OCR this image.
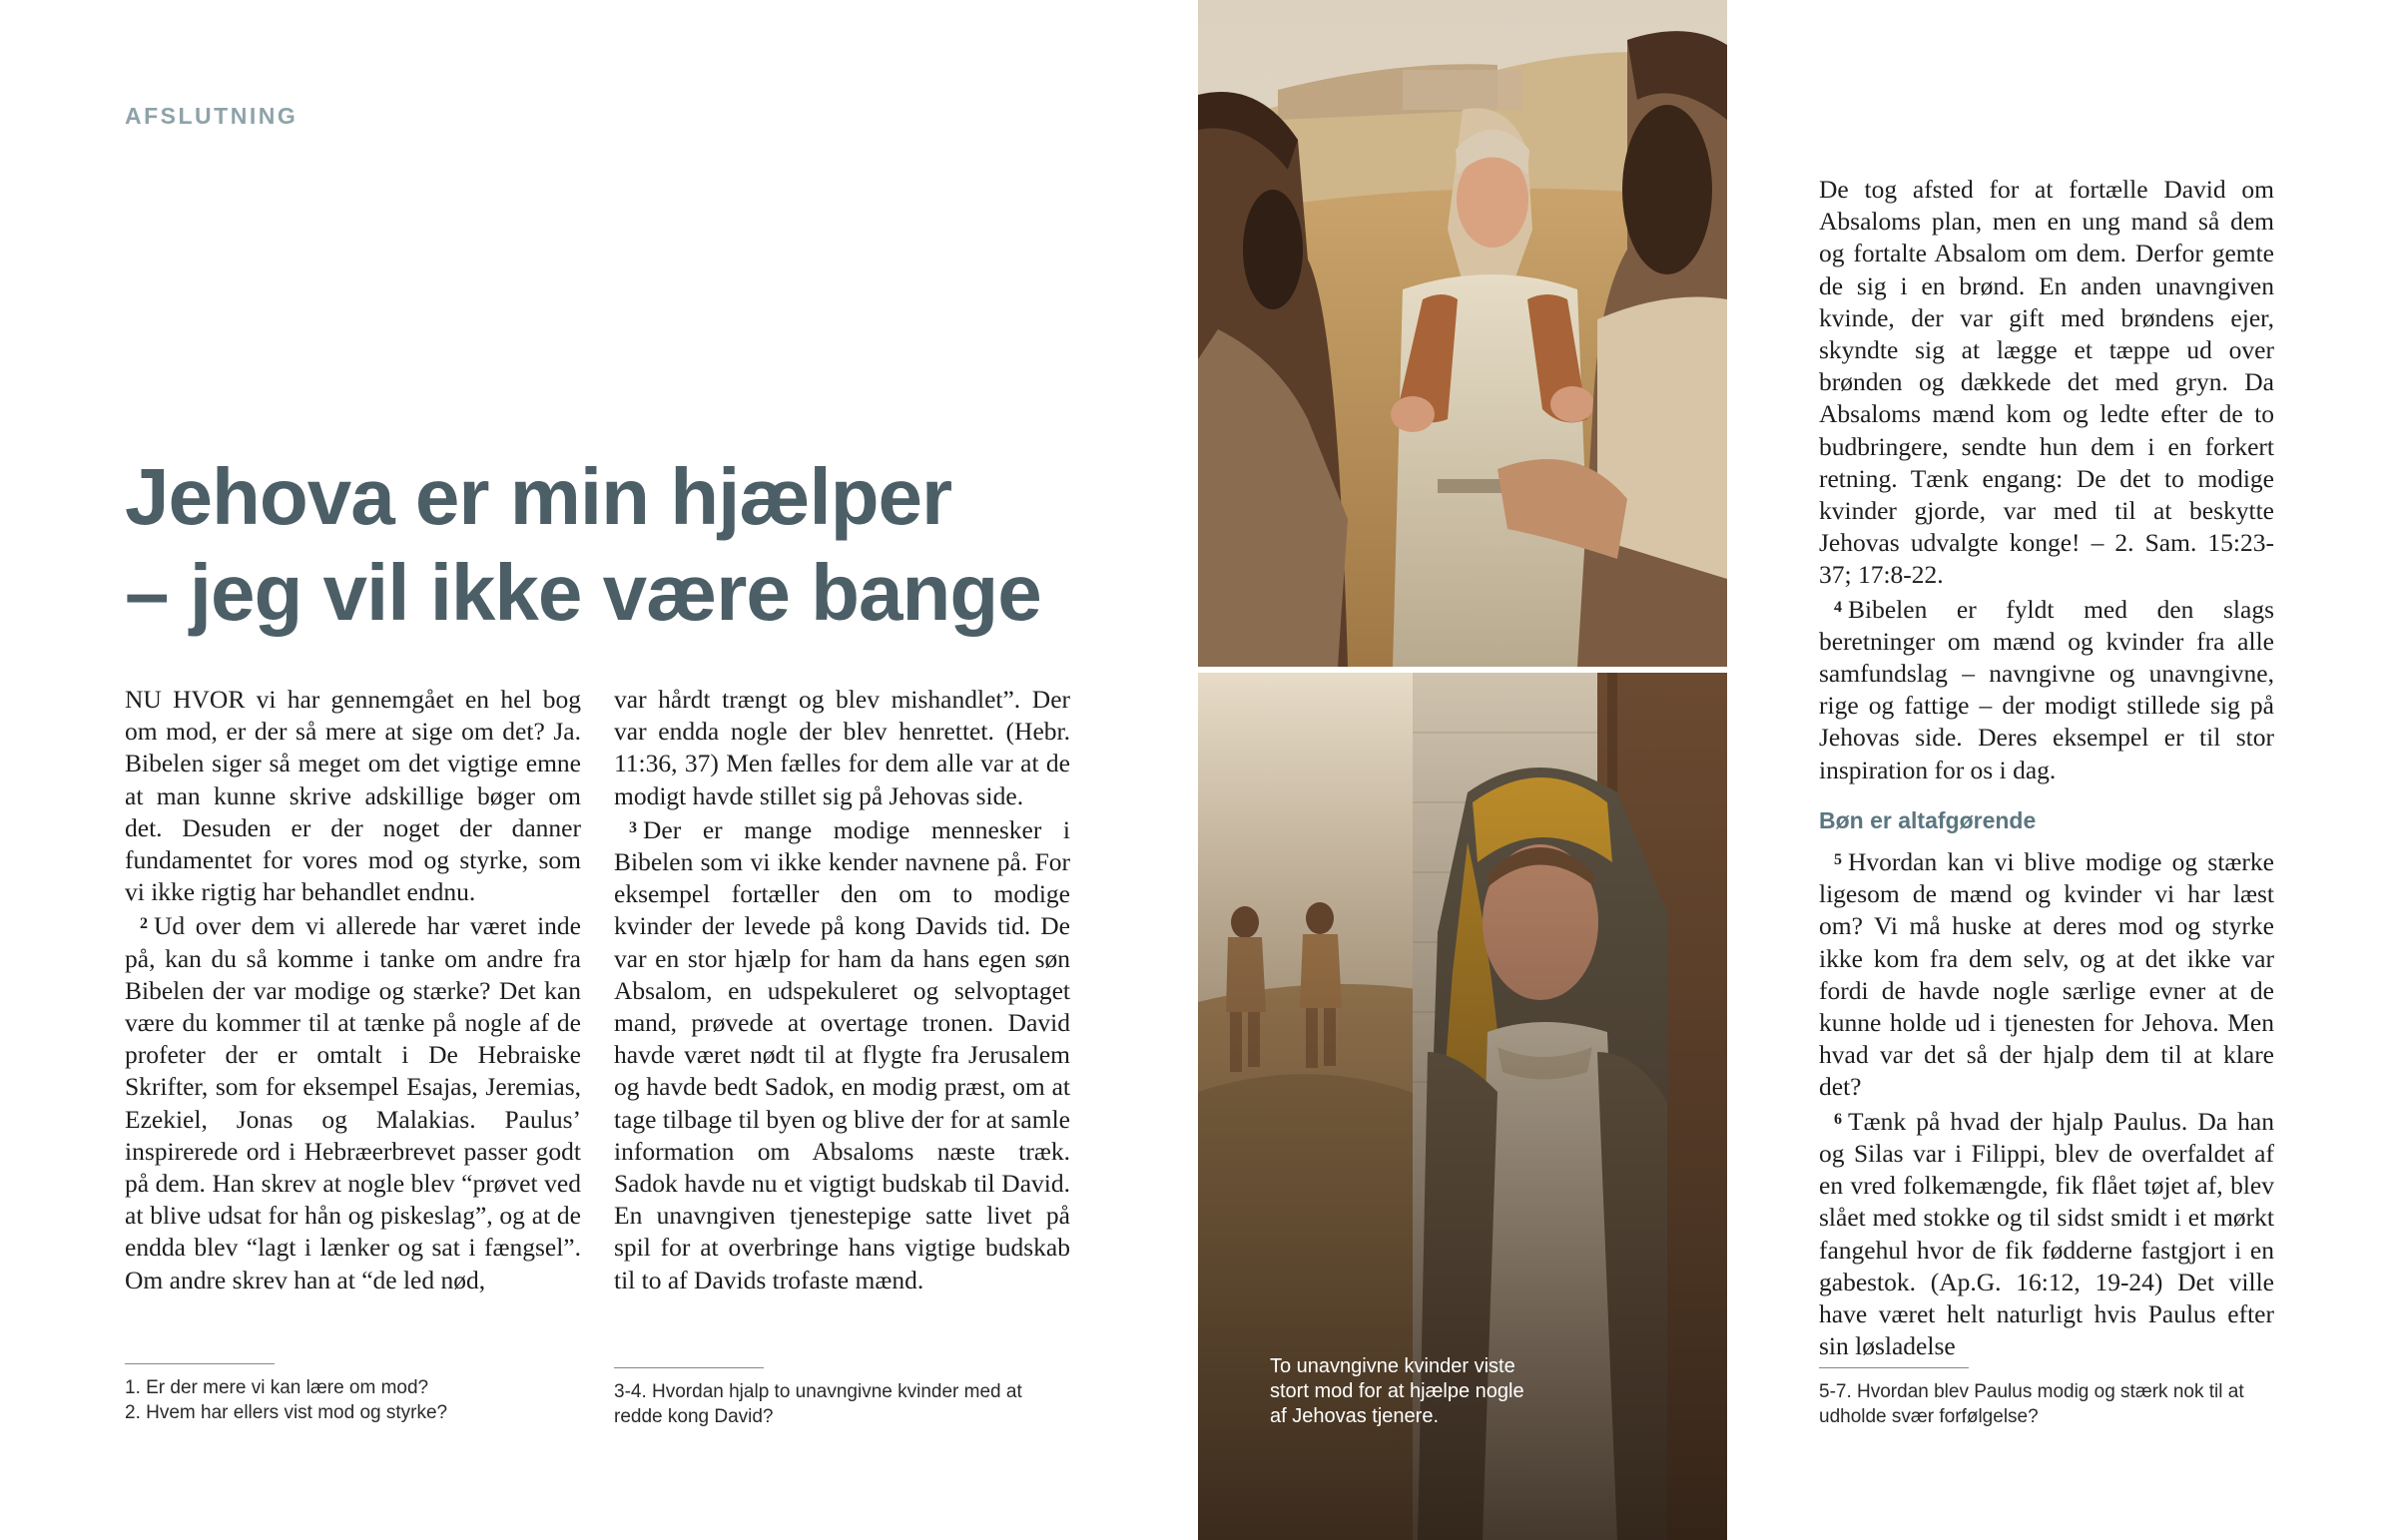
AFSLUTNING
Jehova er min hjælper
– jeg vil ikke være bange

NU HVOR vi har gennemgået en hel bog om mod, er der så mere at sige om det? Ja. Bibelen siger så meget om det vigtige emne at man kunne skrive adskillige bøger om det. Desuden er der noget der danner fundamentet for vores mod og styrke, som vi ikke rigtig har behandlet endnu.

$^2$ Ud over dem vi allerede har været inde på, kan du så komme i tanke om andre fra Bibelen der var modige og stærke? Det kan være du kommer til at tænke på nogle af de profeter der er omtalt i De Hebraiske Skrifter, som for eksempel Esajas, Jeremias, Ezekiel, Jonas og Malakias. Paulus’ inspirerede ord i Hebræerbrevet passer godt på dem. Han skrev at nogle blev “prøvet ved at blive udsat for hån og piskeslag”, og at de endda blev “lagt i lænker og sat i fængsel”. Om andre skrev han at “de led nød,

1. Er der mere vi kan lære om mod?
2. Hvem har ellers vist mod og styrke?

var hårdt trængt og blev mishandlet”. Der var endda nogle der blev henrettet. (Hebr. 11:36, 37) Men fælles for dem alle var at de modigt havde stillet sig på Jehovas side.

$^3$ Der er mange modige mennesker i Bibelen som vi ikke kender navnene på. For eksempel fortæller den om to modige kvinder der levede på kong Davids tid. De var en stor hjælp for ham da hans egen søn Absalom, en udspekuleret og selvoptaget mand, prøvede at overtage tronen. David havde været nødt til at flygte fra Jerusalem og havde bedt Sadok, en modig præst, om at tage tilbage til byen og blive der for at samle information om Absaloms næste træk. Sadok havde nu et vigtigt budskab til David. En unavngiven tjenestepige satte livet på spil for at overbringe hans vigtige budskab til to af Davids trofaste mænd.

3-4. Hvordan hjalp to unavngivne kvinder med at
redde kong David?
To unavngivne kvinder viste
stort mod for at hjælpe nogle
af Jehovas tjenere.

De tog afsted for at fortælle David om Absaloms plan, men en ung mand så dem og fortalte Absalom om dem. Derfor gemte de sig i en brønd. En anden unavngiven kvinde, der var gift med brøndens ejer, skyndte sig at lægge et tæppe ud over brønden og dækkede det med gryn. Da Absaloms mænd kom og ledte efter de to budbringere, sendte hun dem i en forkert retning. Tænk engang: De det to modige kvinder gjorde, var med til at beskytte Jehovas udvalgte konge! – 2. Sam. 15:23-37; 17:8-22.

$^4$ Bibelen er fyldt med den slags beretninger om mænd og kvinder fra alle samfundslag – navngivne og unavngivne, rige og fattige – der modigt stillede sig på Jehovas side. Deres eksempel er til stor inspiration for os i dag.

Bøn er altafgørende

$^5$ Hvordan kan vi blive modige og stærke ligesom de mænd og kvinder vi har læst om? Vi må huske at deres mod og styrke ikke kom fra dem selv, og at det ikke var fordi de havde nogle særlige evner at de kunne holde ud i tjenesten for Jehova. Men hvad var det så der hjalp dem til at klare det?

$^6$ Tænk på hvad der hjalp Paulus. Da han og Silas var i Filippi, blev de overfaldet af en vred folkemængde, fik flået tøjet af, blev slået med stokke og til sidst smidt i et mørkt fangehul hvor de fik fødderne fastgjort i en gabestok. (Ap.G. 16:12, 19-24) Det ville have været helt naturligt hvis Paulus efter sin løsladelse

5-7. Hvordan blev Paulus modig og stærk nok til at
udholde svær forfølgelse?
